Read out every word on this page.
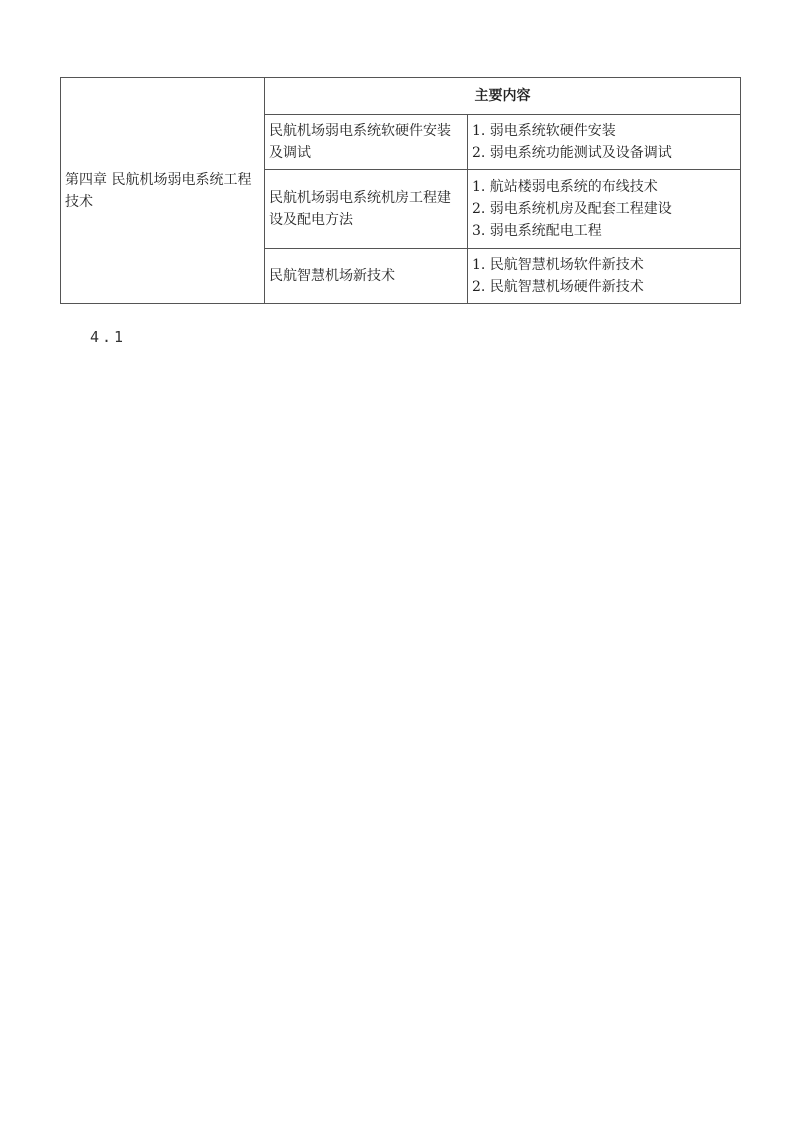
第四章 民航机场弱电系统工程技术	主要内容	
	民航机场弱电系统软硬件安装及调试	1. 弱电系统软硬件安装
2. 弱电系统功能测试及设备调试

	民航机场弱电系统机房工程建设及配电方法	1. 航站楼弱电系统的布线技术
2. 弱电系统机房及配套工程建设
3. 弱电系统配电工程

	民航智慧机场新技术	1. 民航智慧机场软件新技术
2. 民航智慧机场硬件新技术
4.1
